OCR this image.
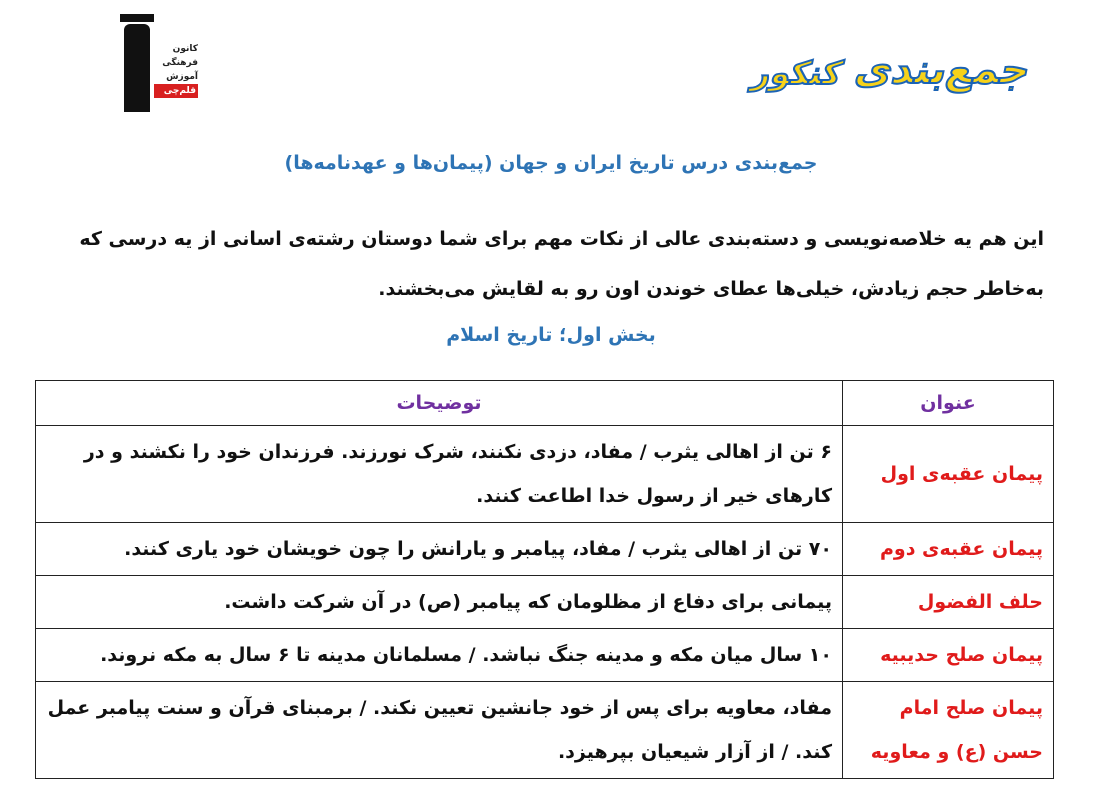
کانون
فرهنگی
آموزش
قلم‌چی	جمع‌بندی
کنکور
جمع‌بندی درس تاریخ ایران و جهان (پیمان‌ها و عهدنامه‌ها)
این هم یه خلاصه‌نویسی و دسته‌بندی عالی از نکات مهم برای شما دوستان رشته‌ی اسانی از یه درسی که به‌خاطر حجم زیادش، خیلی‌ها عطای خوندن اون رو به لقایش می‌بخشند.
بخش اول؛ تاریخ اسلام
عنوان	توضیحات
پیمان عقبه‌ی اول	۶ تن از اهالی یثرب / مفاد، دزدی نکنند، شرک نورزند. فرزندان خود را نکشند و در کارهای خیر از رسول خدا اطاعت کنند.
پیمان عقبه‌ی دوم	۷۰ تن از اهالی یثرب / مفاد، پیامبر و یارانش را چون خویشان خود یاری کنند.
حلف الفضول	پیمانی برای دفاع از مظلومان که پیامبر (ص) در آن شرکت داشت.
پیمان صلح حدیبیه	۱۰ سال میان مکه و مدینه جنگ نباشد. / مسلمانان مدینه تا ۶ سال به مکه نروند.
پیمان صلح امام حسن (ع) و معاویه	مفاد، معاویه برای پس از خود جانشین تعیین نکند. / برمبنای قرآن و سنت پیامبر عمل کند. / از آزار شیعیان بپرهیزد.
